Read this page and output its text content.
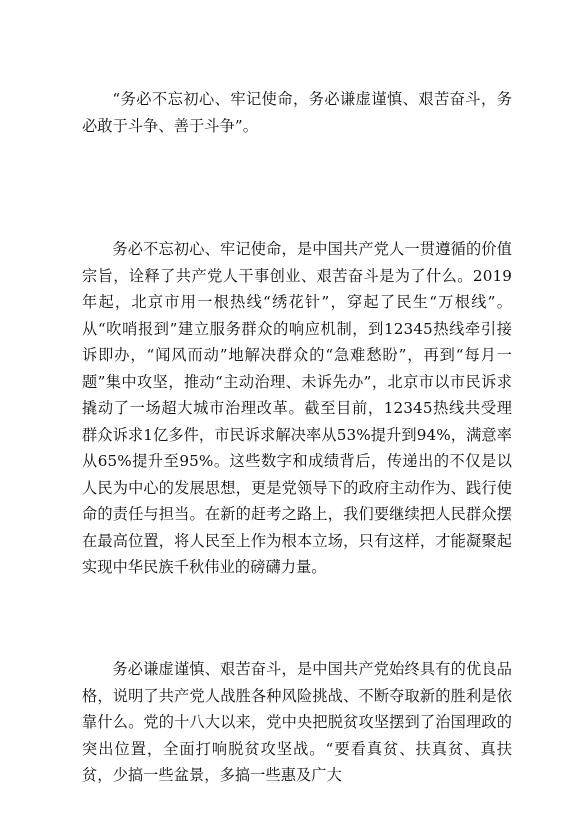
“务必不忘初心、牢记使命，务必谦虚谨慎、艰苦奋斗，务必敢于斗争、善于斗争”。

务必不忘初心、牢记使命，是中国共产党人一贯遵循的价值宗旨，诠释了共产党人干事创业、艰苦奋斗是为了什么。2019年起，北京市用一根热线“绣花针”，穿起了民生“万根线”。从“吹哨报到”建立服务群众的响应机制，到12345热线牵引接诉即办，“闻风而动”地解决群众的“急难愁盼”，再到“每月一题”集中攻坚，推动“主动治理、未诉先办”，北京市以市民诉求撬动了一场超大城市治理改革。截至目前，12345热线共受理群众诉求1亿多件，市民诉求解决率从53%提升到94%，满意率从65%提升至95%。这些数字和成绩背后，传递出的不仅是以人民为中心的发展思想，更是党领导下的政府主动作为、践行使命的责任与担当。在新的赶考之路上，我们要继续把人民群众摆在最高位置，将人民至上作为根本立场，只有这样，才能凝聚起实现中华民族千秋伟业的磅礴力量。

务必谦虚谨慎、艰苦奋斗，是中国共产党始终具有的优良品格，说明了共产党人战胜各种风险挑战、不断夺取新的胜利是依靠什么。党的十八大以来，党中央把脱贫攻坚摆到了治国理政的突出位置，全面打响脱贫攻坚战。“要看真贫、扶真贫、真扶贫，少搞一些盆景，多搞一些惠及广大
